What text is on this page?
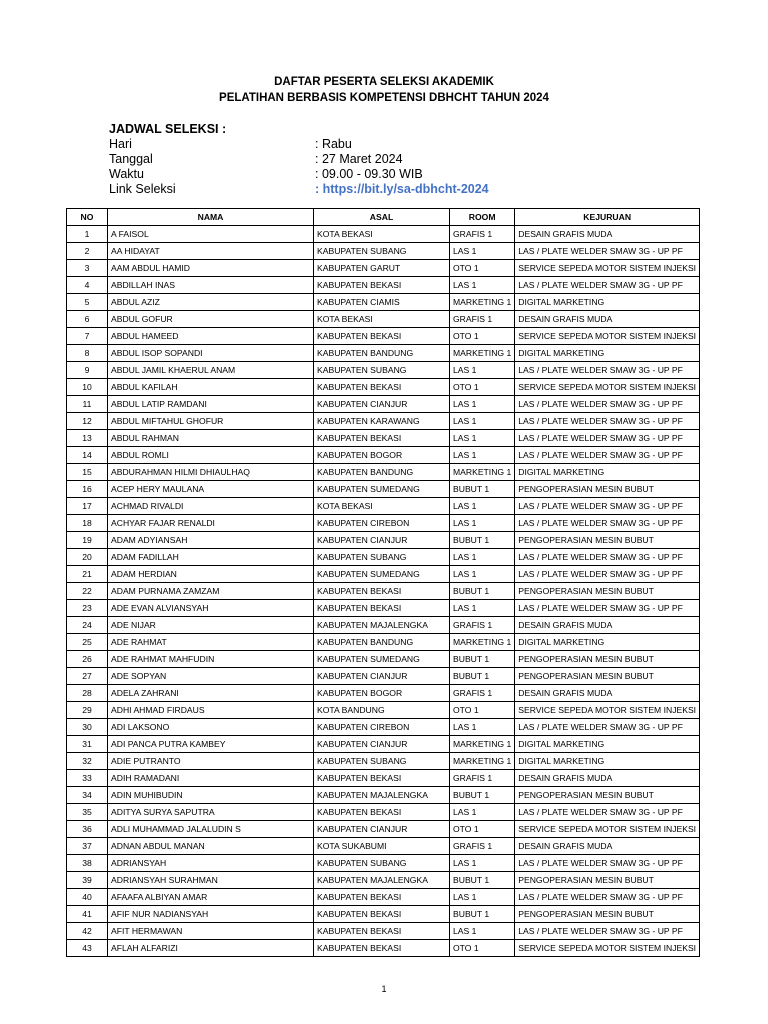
DAFTAR PESERTA SELEKSI AKADEMIK
PELATIHAN BERBASIS KOMPETENSI DBHCHT TAHUN 2024
JADWAL SELEKSI :
Hari	: Rabu
Tanggal	: 27 Maret 2024
Waktu	: 09.00 - 09.30 WIB
Link Seleksi	: https://bit.ly/sa-dbhcht-2024
NO	NAMA	ASAL	ROOM	KEJURUAN
1	A FAISOL	KOTA BEKASI	GRAFIS 1	DESAIN GRAFIS MUDA
2	AA HIDAYAT	KABUPATEN SUBANG	LAS 1	LAS / PLATE WELDER SMAW 3G - UP PF
3	AAM ABDUL HAMID	KABUPATEN GARUT	OTO 1	SERVICE SEPEDA MOTOR SISTEM INJEKSI
4	ABDILLAH INAS	KABUPATEN BEKASI	LAS 1	LAS / PLATE WELDER SMAW 3G - UP PF
5	ABDUL AZIZ	KABUPATEN CIAMIS	MARKETING 1	DIGITAL MARKETING
6	ABDUL GOFUR	KOTA BEKASI	GRAFIS 1	DESAIN GRAFIS MUDA
7	ABDUL HAMEED	KABUPATEN BEKASI	OTO 1	SERVICE SEPEDA MOTOR SISTEM INJEKSI
8	ABDUL ISOP SOPANDI	KABUPATEN BANDUNG	MARKETING 1	DIGITAL MARKETING
9	ABDUL JAMIL KHAERUL ANAM	KABUPATEN SUBANG	LAS 1	LAS / PLATE WELDER SMAW 3G - UP PF
10	ABDUL KAFILAH	KABUPATEN BEKASI	OTO 1	SERVICE SEPEDA MOTOR SISTEM INJEKSI
11	ABDUL LATIP RAMDANI	KABUPATEN CIANJUR	LAS 1	LAS / PLATE WELDER SMAW 3G - UP PF
12	ABDUL MIFTAHUL GHOFUR	KABUPATEN KARAWANG	LAS 1	LAS / PLATE WELDER SMAW 3G - UP PF
13	ABDUL RAHMAN	KABUPATEN BEKASI	LAS 1	LAS / PLATE WELDER SMAW 3G - UP PF
14	ABDUL ROMLI	KABUPATEN BOGOR	LAS 1	LAS / PLATE WELDER SMAW 3G - UP PF
15	ABDURAHMAN HILMI DHIAULHAQ	KABUPATEN BANDUNG	MARKETING 1	DIGITAL MARKETING
16	ACEP HERY MAULANA	KABUPATEN SUMEDANG	BUBUT 1	PENGOPERASIAN MESIN BUBUT
17	ACHMAD RIVALDI	KOTA BEKASI	LAS 1	LAS / PLATE WELDER SMAW 3G - UP PF
18	ACHYAR FAJAR RENALDI	KABUPATEN CIREBON	LAS 1	LAS / PLATE WELDER SMAW 3G - UP PF
19	ADAM ADYIANSAH	KABUPATEN CIANJUR	BUBUT 1	PENGOPERASIAN MESIN BUBUT
20	ADAM FADILLAH	KABUPATEN SUBANG	LAS 1	LAS / PLATE WELDER SMAW 3G - UP PF
21	ADAM HERDIAN	KABUPATEN SUMEDANG	LAS 1	LAS / PLATE WELDER SMAW 3G - UP PF
22	ADAM PURNAMA ZAMZAM	KABUPATEN BEKASI	BUBUT 1	PENGOPERASIAN MESIN BUBUT
23	ADE EVAN ALVIANSYAH	KABUPATEN BEKASI	LAS 1	LAS / PLATE WELDER SMAW 3G - UP PF
24	ADE NIJAR	KABUPATEN MAJALENGKA	GRAFIS 1	DESAIN GRAFIS MUDA
25	ADE RAHMAT	KABUPATEN BANDUNG	MARKETING 1	DIGITAL MARKETING
26	ADE RAHMAT MAHFUDIN	KABUPATEN SUMEDANG	BUBUT 1	PENGOPERASIAN MESIN BUBUT
27	ADE SOPYAN	KABUPATEN CIANJUR	BUBUT 1	PENGOPERASIAN MESIN BUBUT
28	ADELA ZAHRANI	KABUPATEN BOGOR	GRAFIS 1	DESAIN GRAFIS MUDA
29	ADHI AHMAD FIRDAUS	KOTA BANDUNG	OTO 1	SERVICE SEPEDA MOTOR SISTEM INJEKSI
30	ADI LAKSONO	KABUPATEN CIREBON	LAS 1	LAS / PLATE WELDER SMAW 3G - UP PF
31	ADI PANCA PUTRA KAMBEY	KABUPATEN CIANJUR	MARKETING 1	DIGITAL MARKETING
32	ADIE PUTRANTO	KABUPATEN SUBANG	MARKETING 1	DIGITAL MARKETING
33	ADIH RAMADANI	KABUPATEN BEKASI	GRAFIS 1	DESAIN GRAFIS MUDA
34	ADIN MUHIBUDIN	KABUPATEN MAJALENGKA	BUBUT 1	PENGOPERASIAN MESIN BUBUT
35	ADITYA SURYA SAPUTRA	KABUPATEN BEKASI	LAS 1	LAS / PLATE WELDER SMAW 3G - UP PF
36	ADLI MUHAMMAD JALALUDIN S	KABUPATEN CIANJUR	OTO 1	SERVICE SEPEDA MOTOR SISTEM INJEKSI
37	ADNAN ABDUL MANAN	KOTA SUKABUMI	GRAFIS 1	DESAIN GRAFIS MUDA
38	ADRIANSYAH	KABUPATEN SUBANG	LAS 1	LAS / PLATE WELDER SMAW 3G - UP PF
39	ADRIANSYAH SURAHMAN	KABUPATEN MAJALENGKA	BUBUT 1	PENGOPERASIAN MESIN BUBUT
40	AFAAFA ALBIYAN AMAR	KABUPATEN BEKASI	LAS 1	LAS / PLATE WELDER SMAW 3G - UP PF
41	AFIF NUR NADIANSYAH	KABUPATEN BEKASI	BUBUT 1	PENGOPERASIAN MESIN BUBUT
42	AFIT HERMAWAN	KABUPATEN BEKASI	LAS 1	LAS / PLATE WELDER SMAW 3G - UP PF
43	AFLAH ALFARIZI	KABUPATEN BEKASI	OTO 1	SERVICE SEPEDA MOTOR SISTEM INJEKSI
1
